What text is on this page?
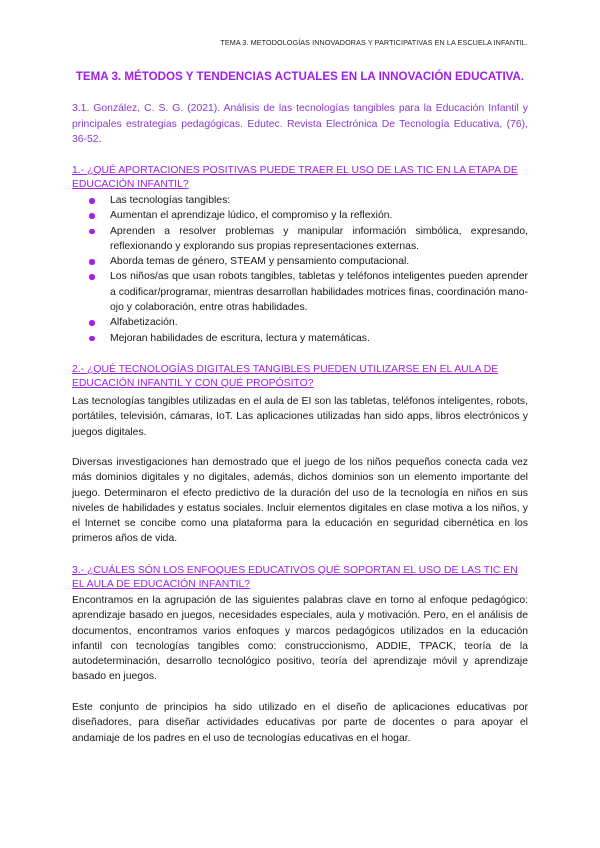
TEMA 3. METODOLOGÍAS INNOVADORAS Y PARTICIPATIVAS EN LA ESCUELA INFANTIL.
TEMA 3. MÉTODOS Y TENDENCIAS ACTUALES EN LA INNOVACIÓN EDUCATIVA.
3.1. González, C. S. G. (2021). Análisis de las tecnologías tangibles para la Educación Infantil y principales estrategias pedagógicas. Edutec. Revista Electrónica De Tecnología Educativa, (76), 36-52.
1.- ¿QUÉ APORTACIONES POSITIVAS PUEDE TRAER EL USO DE LAS TIC EN LA ETAPA DE EDUCACIÓN INFANTIL?
Las tecnologías tangibles:
Aumentan el aprendizaje lúdico, el compromiso y la reflexión.
Aprenden a resolver problemas y manipular información simbólica, expresando, reflexionando y explorando sus propias representaciones externas.
Aborda temas de género, STEAM y pensamiento computacional.
Los niños/as que usan robots tangibles, tabletas y teléfonos inteligentes pueden aprender a codificar/programar, mientras desarrollan habilidades motrices finas, coordinación mano-ojo y colaboración, entre otras habilidades.
Alfabetización.
Mejoran habilidades de escritura, lectura y matemáticas.
2.- ¿QUÉ TECNOLOGÍAS DIGITALES TANGIBLES PUEDEN UTILIZARSE EN EL AULA DE EDUCACIÓN INFANTIL Y CON QUÉ PROPÓSITO?
Las tecnologías tangibles utilizadas en el aula de EI son las tabletas, teléfonos inteligentes, robots, portátiles, televisión, cámaras, IoT. Las aplicaciones utilizadas han sido apps, libros electrónicos y juegos digitales.
Diversas investigaciones han demostrado que el juego de los niños pequeños conecta cada vez más dominios digitales y no digitales, además, dichos dominios son un elemento importante del juego. Determinaron el efecto predictivo de la duración del uso de la tecnología en niños en sus niveles de habilidades y estatus sociales. Incluir elementos digitales en clase motiva a los niños, y el Internet se concibe como una plataforma para la educación en seguridad cibernética en los primeros años de vida.
3.- ¿CUÁLES SÓN LOS ENFOQUES EDUCATIVOS QUÉ SOPORTAN EL USO DE LAS TIC EN EL AULA DE EDUCACIÓN INFANTIL?
Encontramos en la agrupación de las siguientes palabras clave en torno al enfoque pedagógico: aprendizaje basado en juegos, necesidades especiales, aula y motivación. Pero, en el análisis de documentos, encontramos varios enfoques y marcos pedagógicos utilizados en la educación infantil con tecnologías tangibles como: construccionismo, ADDIE, TPACK, teoría de la autodeterminación, desarrollo tecnológico positivo, teoría del aprendizaje móvil y aprendizaje basado en juegos.
Este conjunto de principios ha sido utilizado en el diseño de aplicaciones educativas por diseñadores, para diseñar actividades educativas por parte de docentes o para apoyar el andamiaje de los padres en el uso de tecnologías educativas en el hogar.
